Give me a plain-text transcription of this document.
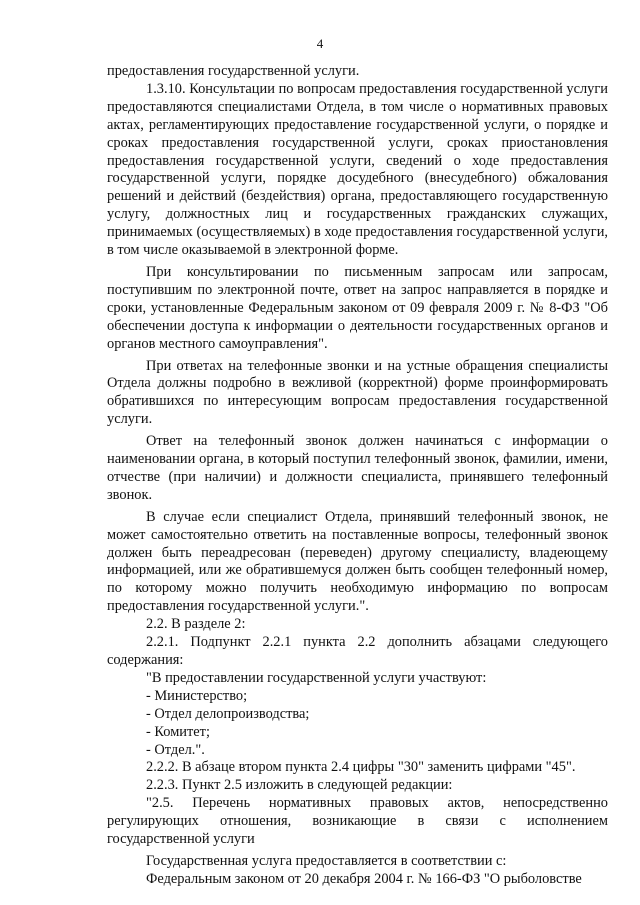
4

предоставления государственной услуги.

1.3.10. Консультации по вопросам предоставления государственной услуги предоставляются специалистами Отдела, в том числе о нормативных правовых актах, регламентирующих предоставление государственной услуги, о порядке и сроках предоставления государственной услуги, сроках приостановления предоставления государственной услуги, сведений о ходе предоставления государственной услуги, порядке досудебного (внесудебного) обжалования решений и действий (бездействия) органа, предоставляющего государственную услугу, должностных лиц и государственных гражданских служащих, принимаемых (осуществляемых) в ходе предоставления государственной услуги, в том числе оказываемой в электронной форме.

При консультировании по письменным запросам или запросам, поступившим по электронной почте, ответ на запрос направляется в порядке и сроки, установленные Федеральным законом от 09 февраля 2009 г. № 8-ФЗ "Об обеспечении доступа к информации о деятельности государственных органов и органов местного самоуправления".

При ответах на телефонные звонки и на устные обращения специалисты Отдела должны подробно в вежливой (корректной) форме проинформировать обратившихся по интересующим вопросам предоставления государственной услуги.

Ответ на телефонный звонок должен начинаться с информации о наименовании органа, в который поступил телефонный звонок, фамилии, имени, отчестве (при наличии) и должности специалиста, принявшего телефонный звонок.

В случае если специалист Отдела, принявший телефонный звонок, не может самостоятельно ответить на поставленные вопросы, телефонный звонок должен быть переадресован (переведен) другому специалисту, владеющему информацией, или же обратившемуся должен быть сообщен телефонный номер, по которому можно получить необходимую информацию по вопросам предоставления государственной услуги.".

2.2. В разделе 2:

2.2.1. Подпункт 2.2.1 пункта 2.2 дополнить абзацами следующего содержания:

"В предоставлении государственной услуги участвуют:

- Министерство;

- Отдел делопроизводства;

- Комитет;

- Отдел.".

2.2.2. В абзаце втором пункта 2.4 цифры "30" заменить цифрами "45".

2.2.3. Пункт 2.5 изложить в следующей редакции:

"2.5. Перечень нормативных правовых актов, непосредственно регулирующих отношения, возникающие в связи с исполнением государственной услуги

Государственная услуга предоставляется в соответствии с:

Федеральным законом от 20 декабря 2004 г. № 166-ФЗ "О рыболовстве
